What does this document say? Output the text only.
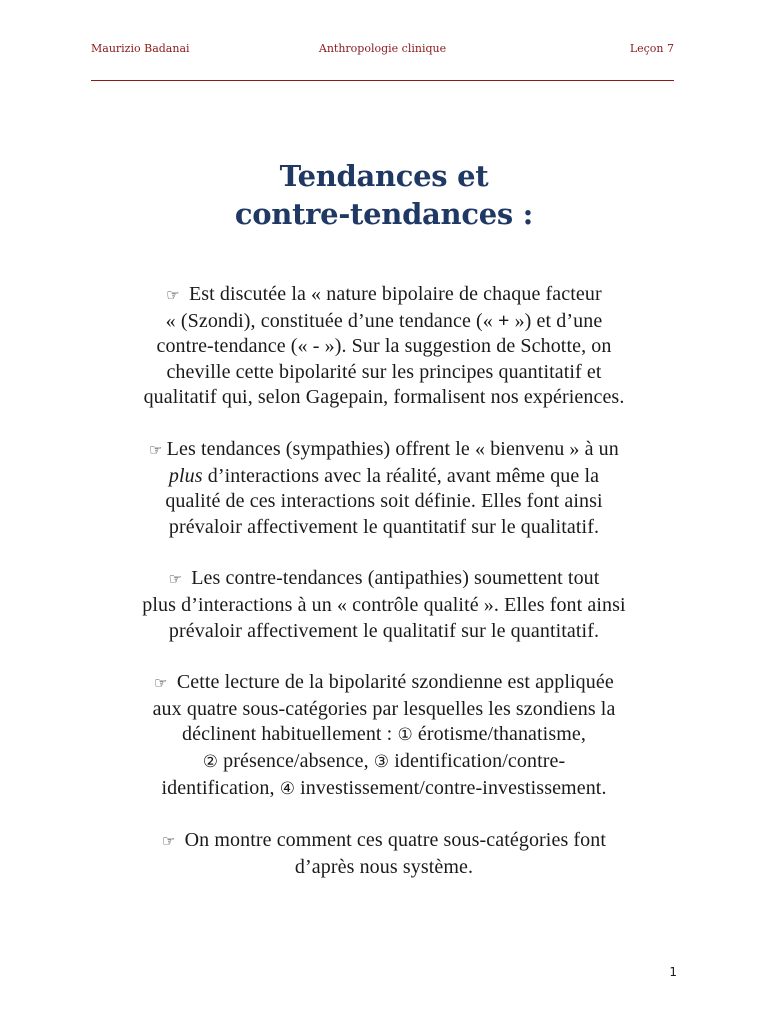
Maurizio Badanai	Anthropologie clinique	Leçon 7
Tendances et
contre-tendances :
☞ Est discutée la « nature bipolaire de chaque facteur
« (Szondi), constituée d’une tendance (« + ») et d’une
contre-tendance (« - »). Sur la suggestion de Schotte, on
cheville cette bipolarité sur les principes quantitatif et
qualitatif qui, selon Gagepain, formalisent nos expériences.
☞ Les tendances (sympathies) offrent le « bienvenu » à un
plus d’interactions avec la réalité, avant même que la
qualité de ces interactions soit définie. Elles font ainsi
prévaloir affectivement le quantitatif sur le qualitatif.
☞ Les contre-tendances (antipathies) soumettent tout
plus d’interactions à un « contrôle qualité ». Elles font ainsi
prévaloir affectivement le qualitatif sur le quantitatif.
☞ Cette lecture de la bipolarité szondienne est appliquée
aux quatre sous-catégories par lesquelles les szondiens la
déclinent habituellement : ① érotisme/thanatisme,
② présence/absence, ③ identification/contre-
identification, ④ investissement/contre-investissement.
☞ On montre comment ces quatre sous-catégories font
d’après nous système.
1
